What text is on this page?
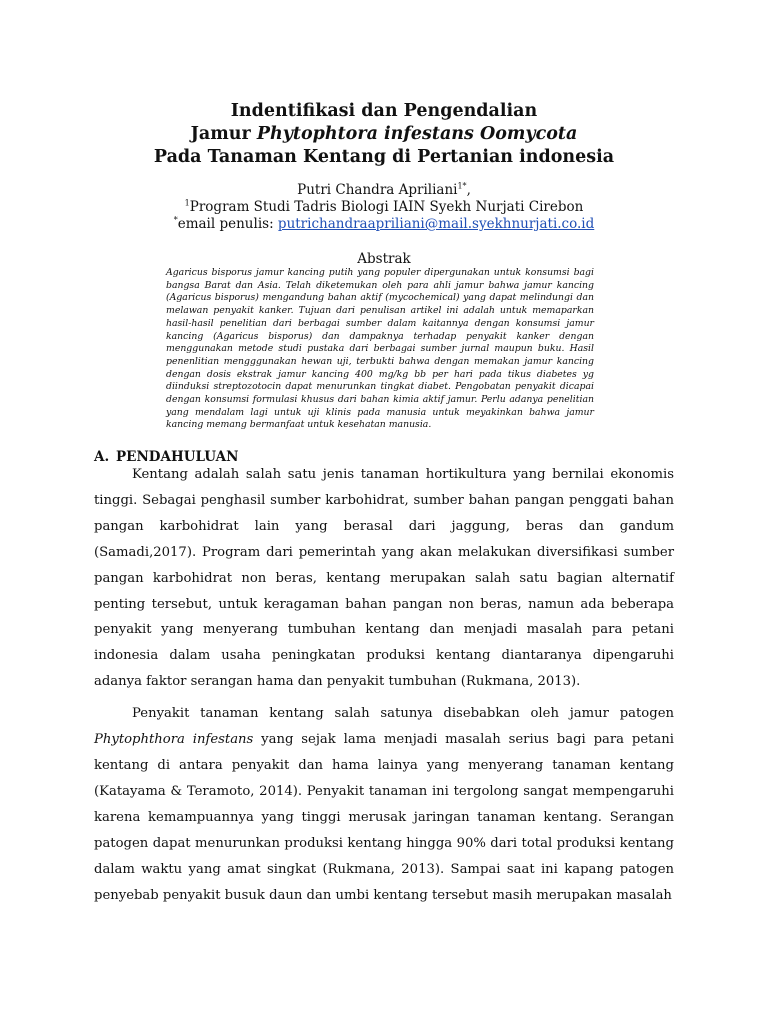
Indentifikasi dan Pengendalian
Jamur Phytophtora infestans Oomycota
Pada Tanaman Kentang di Pertanian indonesia
Putri Chandra Apriliani$^{1*}$,
$^1$Program Studi Tadris Biologi IAIN Syekh Nurjati Cirebon
*email penulis: putrichandraapriliani@mail.syekhnurjati.co.id
Abstrak
Agaricus bisporus jamur kancing putih yang populer dipergunakan untuk konsumsi bagi bangsa Barat dan Asia. Telah diketemukan oleh para ahli jamur bahwa jamur kancing (Agaricus bisporus) mengandung bahan aktif (mycochemical) yang dapat melindungi dan melawan penyakit kanker. Tujuan dari penulisan artikel ini adalah untuk memaparkan hasil-hasil penelitian dari berbagai sumber dalam kaitannya dengan konsumsi jamur kancing (Agaricus bisporus) dan dampaknya terhadap penyakit kanker dengan menggunakan metode studi pustaka dari berbagai sumber jurnal maupun buku. Hasil penenlitian mengggunakan hewan uji, terbukti bahwa dengan memakan jamur kancing dengan dosis ekstrak jamur kancing 400 mg/kg bb per hari pada tikus diabetes yg diinduksi streptozotocin dapat menurunkan tingkat diabet. Pengobatan penyakit dicapai dengan konsumsi formulasi khusus dari bahan kimia aktif jamur. Perlu adanya penelitian yang mendalam lagi untuk uji klinis pada manusia untuk meyakinkan bahwa jamur kancing memang bermanfaat untuk kesehatan manusia.
A. PENDAHULUAN

Kentang adalah salah satu jenis tanaman hortikultura yang bernilai ekonomis tinggi. Sebagai penghasil sumber karbohidrat, sumber bahan pangan penggati bahan pangan karbohidrat lain yang berasal dari jaggung, beras dan gandum (Samadi,2017). Program dari pemerintah yang akan melakukan diversifikasi sumber pangan karbohidrat non beras, kentang merupakan salah satu bagian alternatif penting tersebut, untuk keragaman bahan pangan non beras, namun ada beberapa penyakit yang menyerang tumbuhan kentang dan menjadi masalah para petani indonesia dalam usaha peningkatan produksi kentang diantaranya dipengaruhi adanya faktor serangan hama dan penyakit tumbuhan (Rukmana, 2013).

Penyakit tanaman kentang salah satunya disebabkan oleh jamur patogen Phytophthora infestans yang sejak lama menjadi masalah serius bagi para petani kentang di antara penyakit dan hama lainya yang menyerang tanaman kentang (Katayama & Teramoto, 2014). Penyakit tanaman ini tergolong sangat mempengaruhi karena kemampuannya yang tinggi merusak jaringan tanaman kentang. Serangan patogen dapat menurunkan produksi kentang hingga 90% dari total produksi kentang dalam waktu yang amat singkat (Rukmana, 2013). Sampai saat ini kapang patogen penyebab penyakit busuk daun dan umbi kentang tersebut masih merupakan masalah
